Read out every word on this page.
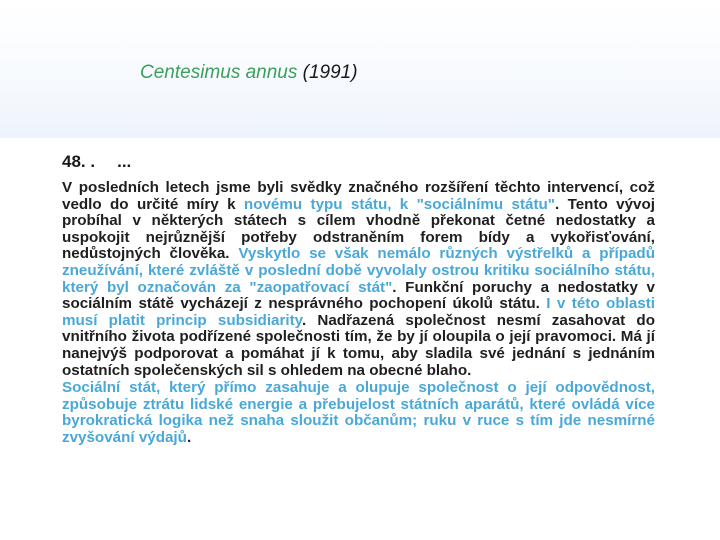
Centesimus annus (1991)
48. . ...

V posledních letech jsme byli svědky značného rozšíření těchto intervencí, což vedlo do určité míry k novému typu státu, k "sociálnímu státu". Tento vývoj probíhal v některých státech s cílem vhodně překonat četné nedostatky a uspokojit nejrůznější potřeby odstraněním forem bídy a vykořisťování, nedůstojných člověka. Vyskytlo se však nemálo různých výstřelků a případů zneužívání, které zvláště v poslední době vyvolaly ostrou kritiku sociálního státu, který byl označován za "zaopatřovací stát". Funkční poruchy a nedostatky v sociálním státě vycházejí z nesprávného pochopení úkolů státu. I v této oblasti musí platit princip subsidiarity. Nadřazená společnost nesmí zasahovat do vnitřního života podřízené společnosti tím, že by jí oloupila o její pravomoci. Má jí nanejvýš podporovat a pomáhat jí k tomu, aby sladila své jednání s jednáním ostatních společenských sil s ohledem na obecné blaho.

Sociální stát, který přímo zasahuje a olupuje společnost o její odpovědnost, způsobuje ztrátu lidské energie a přebujelost státních aparátů, které ovládá více byrokratická logika než snaha sloužit občanům; ruku v ruce s tím jde nesmírné zvyšování výdajů.
